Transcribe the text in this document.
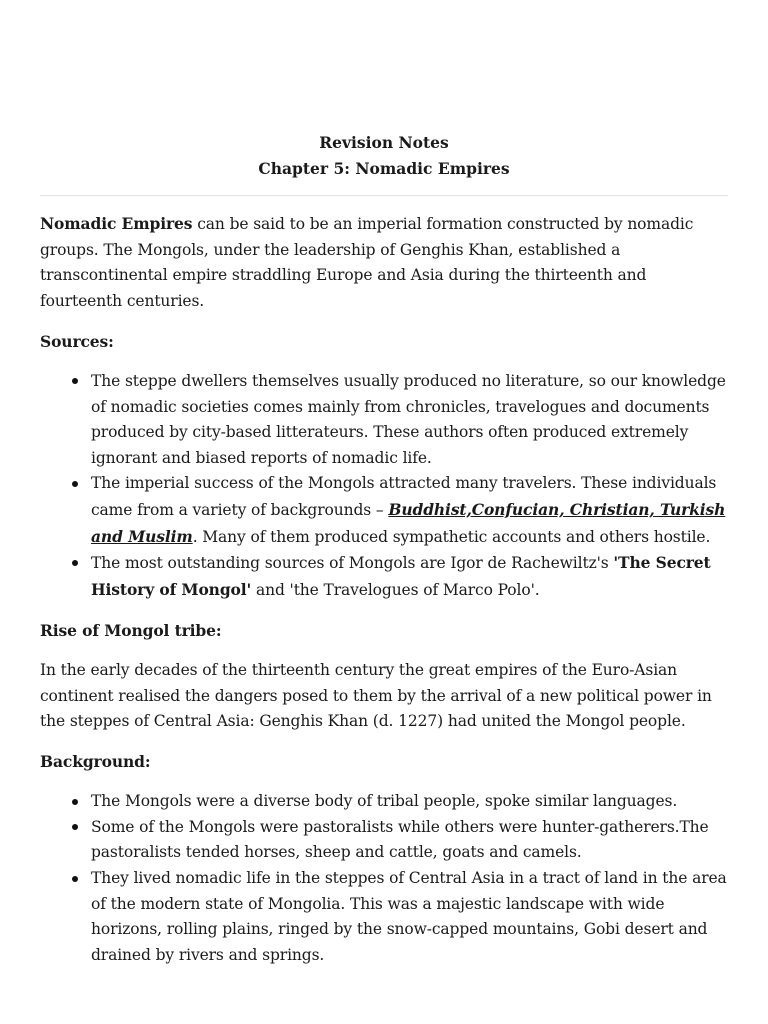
Revision Notes
Chapter 5: Nomadic Empires

Nomadic Empires can be said to be an imperial formation constructed by nomadic groups. The Mongols, under the leadership of Genghis Khan, established a transcontinental empire straddling Europe and Asia during the thirteenth and fourteenth centuries.

Sources:
The steppe dwellers themselves usually produced no literature, so our knowledge of nomadic societies comes mainly from chronicles, travelogues and documents produced by city-based litterateurs. These authors often produced extremely ignorant and biased reports of nomadic life.
The imperial success of the Mongols attracted many travelers. These individuals came from a variety of backgrounds – Buddhist,Confucian, Christian, Turkish and Muslim. Many of them produced sympathetic accounts and others hostile.
The most outstanding sources of Mongols are Igor de Rachewiltz's 'The Secret History of Mongol' and 'the Travelogues of Marco Polo'.
Rise of Mongol tribe:

In the early decades of the thirteenth century the great empires of the Euro-Asian continent realised the dangers posed to them by the arrival of a new political power in the steppes of Central Asia: Genghis Khan (d. 1227) had united the Mongol people.

Background:
The Mongols were a diverse body of tribal people, spoke similar languages.
Some of the Mongols were pastoralists while others were hunter-gatherers.The pastoralists tended horses, sheep and cattle, goats and camels.
They lived nomadic life in the steppes of Central Asia in a tract of land in the area of the modern state of Mongolia. This was a majestic landscape with wide horizons, rolling plains, ringed by the snow-capped mountains, Gobi desert and drained by rivers and springs.
